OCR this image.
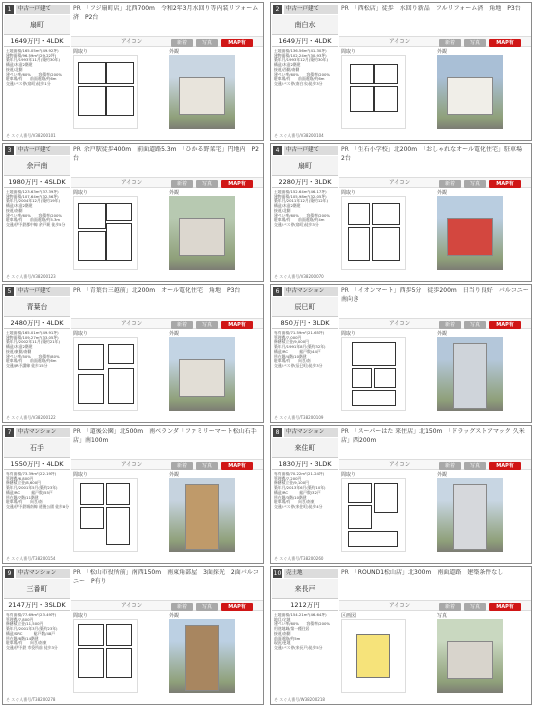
1	中古一戸建て
扇町
PR 「フジ扇町店」北西700m　令和2年3月水回り等内装リフォーム済　P2台
1649万円・4LDK	アイコン	新着	写真	MAP有
土地面積/165.05m²(49.92坪)
建物面積/96.59m²(29.22坪)
築年月/1993年11月(築約30年)
構造/木造2階建
接道/北側
建ぺい率/60%　　容積率/200%
駐車場/有　　前面道路/約6m
交通/バス停(扇町)徒歩1分
間取り	外観
そ スぐ人番号/V38200101
2	中古一戸建て
南白水
PR 「西松店」徒歩　水回り新品　フルリフォーム済　角地　P3台
1649万円・4LDK	アイコン	新着	写真	MAP有
土地面積/136.56m²(41.30坪)
建物面積/102.24m²(30.93坪)
築年月/1993年12月(築約30年)
構造/木造2階建
接道/西側/南側
建ぺい率/60%　　容積率/200%
駐車場/有　　前面道路/約6m
交通/バス停(南白水)徒歩3分
間取り	外観
そ スぐ人番号/V38200104
3	中古一戸建て
余戸南
PR 余戸駅徒歩400m　前面道路5.3m　「ひかる野菜宅」円地内　P2台
1980万円・4SLDK	アイコン	新着	写真	MAP有
土地面積/123.63m²(37.39坪)
建物面積/107.64m²(32.56坪)
築年月/2004年12月(築約19年)
構造/木造2階建
接道/南側
建ぺい率/60%　　容積率/200%
駐車場/有　　前面道路/約5.3m
交通/伊予鉄郡中線 余戸駅 徒歩5分
間取り	外観
そ スぐ人番号/V38200123
4	中古一戸建て
扇町
PR 「生石小学校」北200m　「おしゃれなオール電化住宅」駐車場　2台
2280万円・3LDK	アイコン	新着	写真	MAP有
土地面積/152.64m²(46.17坪)
建物面積/105.98m²(32.05坪)
築年月/2011年12月(築約12年)
構造/木造2階建
接道/北側
建ぺい率/60%　　容積率/200%
駐車場/有　　前面道路/約4m
交通/バス停(扇町)徒歩3分
間取り	外観
そ スぐ人番号/V38200070
5	中古一戸建て
青葉台
PR 「青葉台三越前」北200m　オール電化住宅　角地　P3台
2480万円・4LDK	アイコン	新着	写真	MAP有
土地面積/165.01m²(49.91坪)
建物面積/109.27m²(33.05坪)
築年月/2002年11月(築約21年)
構造/木造2階建
接道/東側/南側
建ぺい率/50%　　容積率/80%
駐車場/有　　前面道路/約6m
交通/JR予讃線 徒歩15分
間取り	外観
そ スぐ人番号/V38200122
6	中古マンション
辰巳町
PR 「イオンマート」西歩5分　徒歩200m　日当り良好　バルコニー南向き
850万円・3LDK	アイコン	新着	写真	MAP有
専有面積/71.59m²(21.65坪)
管理費/7,000円
修繕積立金/9,000円
築年月/1991年8月(築約32年)
構造/RC　　　総戸数/44戸
所在階/4階/10階建
駐車場/有　　向き/南
交通/バス停(辰巳町)徒歩3分
間取り	外観
そ スぐ人番号/T38200109
7	中古マンション
石手
PR 「道後公園」北500m　南ベランダ「ファミリーマート松山石手店」南100m
1550万円・4LDK	アイコン	新着	写真	MAP有
専有面積/73.39m²(22.19坪)
管理費/6,800円
修繕積立金/8,600円
築年月/2001年5月(築約23年)
構造/RC　　　総戸数/55戸
所在階/7階/11階建
駐車場/有　　向き/南
交通/伊予鉄城南線 道後公園 徒歩8分
間取り	外観
そ スぐ人番号/T38200154
8	中古マンション
来住町
PR 「スーパーはた 来住店」北150m　「ドラッグストアマック 久米店」西200m
1830万円・3LDK	アイコン	新着	写真	MAP有
専有面積/70.22m²(21.24坪)
管理費/7,200円
修繕積立金/9,100円
築年月/2013年6月(築約10年)
構造/RC　　　総戸数/32戸
所在階/3階/10階建
駐車場/有　　向き/南東
交通/バス停(来住町)徒歩4分
間取り	外観
そ スぐ人番号/T38200260
9	中古マンション
三番町
PR 「松山市役所前」南西150m　南東角部屋　3面採光　2面バルコニー　P有り
2147万円・3SLDK	アイコン	新着	写真	MAP有
専有面積/77.69m²(23.49坪)
管理費/7,800円
修繕積立金/11,500円
築年月/2001年3月(築約23年)
構造/SRC　　　総戸数/48戸
所在階/8階/14階建
駐車場/有　　向き/南東
交通/伊予鉄 市役所前 徒歩3分
間取り	外観
そ スぐ人番号/T38200278
10 売土地
来長戸
PR 「ROUND1松山店」北300m　南面道路　建築条件なし
1212万円	アイコン	新着	写真	MAP有
土地面積/154.21m²(46.64坪)
地目/宅地
建ぺい率/60%　　容積率/200%
用途地域/第一種住居
接道/南側
前面道路/約5m
現況/更地
交通/バス停(来長戸)徒歩5分
区画図	写真
そ スぐ人番号/W38200218
